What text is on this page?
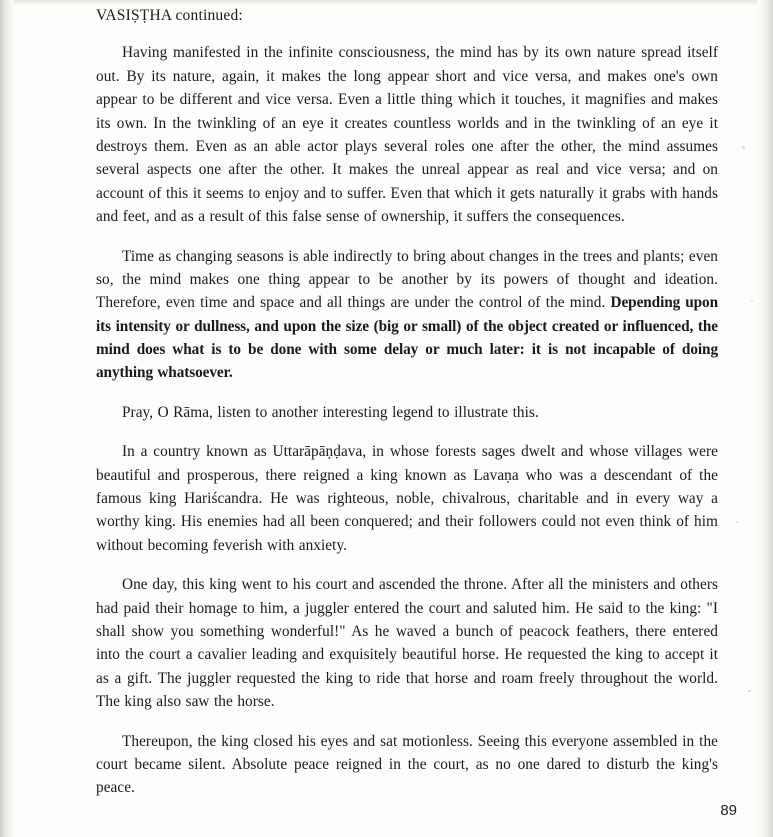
VASIṢṬHA continued:

Having manifested in the infinite consciousness, the mind has by its own nature spread itself out. By its nature, again, it makes the long appear short and vice versa, and makes one's own appear to be different and vice versa. Even a little thing which it touches, it magnifies and makes its own. In the twinkling of an eye it creates countless worlds and in the twinkling of an eye it destroys them. Even as an able actor plays several roles one after the other, the mind assumes several aspects one after the other. It makes the unreal appear as real and vice versa; and on account of this it seems to enjoy and to suffer. Even that which it gets naturally it grabs with hands and feet, and as a result of this false sense of ownership, it suffers the consequences.

Time as changing seasons is able indirectly to bring about changes in the trees and plants; even so, the mind makes one thing appear to be another by its powers of thought and ideation. Therefore, even time and space and all things are under the control of the mind. Depending upon its intensity or dullness, and upon the size (big or small) of the object created or influenced, the mind does what is to be done with some delay or much later: it is not incapable of doing anything whatsoever.

Pray, O Rāma, listen to another interesting legend to illustrate this.

In a country known as Uttarāpāṇḍava, in whose forests sages dwelt and whose villages were beautiful and prosperous, there reigned a king known as Lavaṇa who was a descendant of the famous king Hariścandra. He was righteous, noble, chivalrous, charitable and in every way a worthy king. His enemies had all been conquered; and their followers could not even think of him without becoming feverish with anxiety.

One day, this king went to his court and ascended the throne. After all the ministers and others had paid their homage to him, a juggler entered the court and saluted him. He said to the king: "I shall show you something wonderful!" As he waved a bunch of peacock feathers, there entered into the court a cavalier leading and exquisitely beautiful horse. He requested the king to accept it as a gift. The juggler requested the king to ride that horse and roam freely throughout the world. The king also saw the horse.

Thereupon, the king closed his eyes and sat motionless. Seeing this everyone assembled in the court became silent. Absolute peace reigned in the court, as no one dared to disturb the king's peace.

89
